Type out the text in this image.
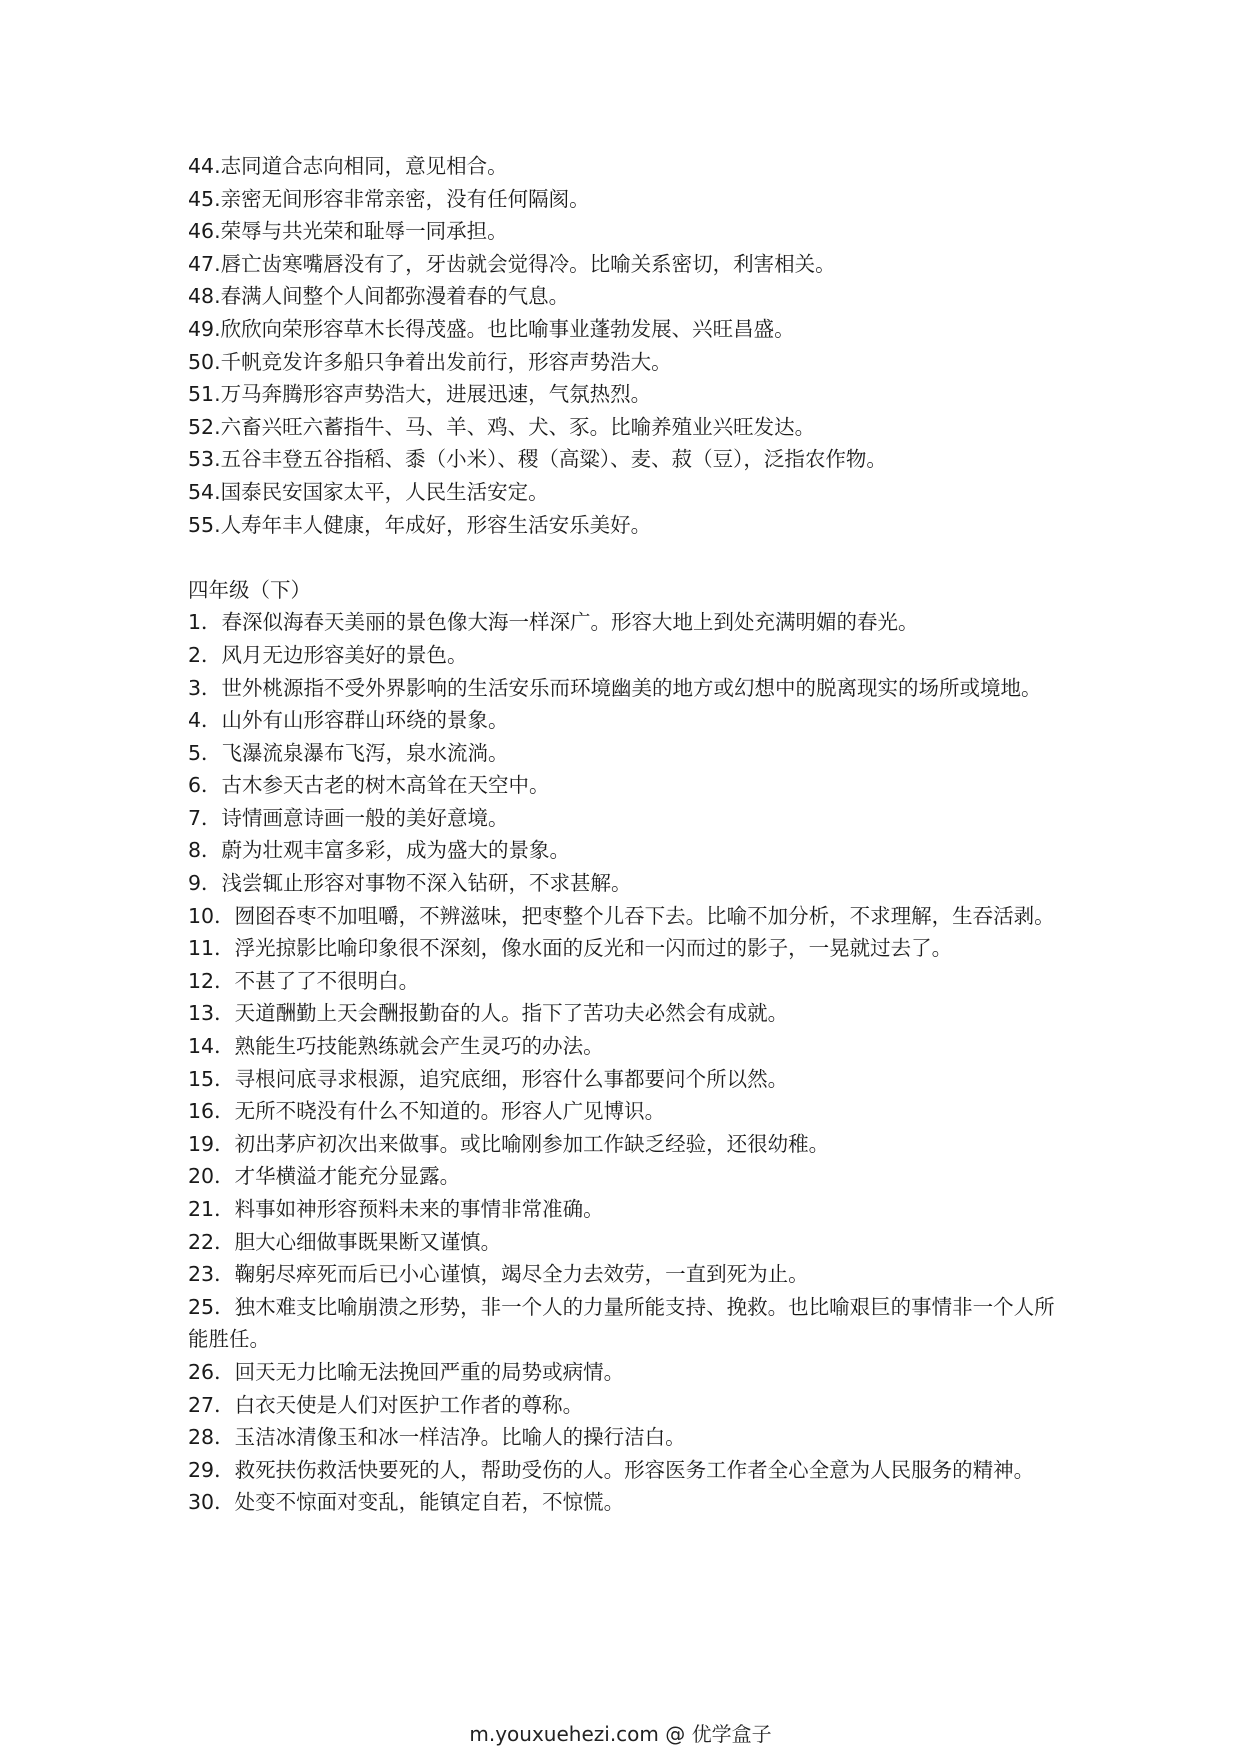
44.志同道合志向相同，意见相合。
45.亲密无间形容非常亲密，没有任何隔阂。
46.荣辱与共光荣和耻辱一同承担。
47.唇亡齿寒嘴唇没有了，牙齿就会觉得冷。比喻关系密切，利害相关。
48.春满人间整个人间都弥漫着春的气息。
49.欣欣向荣形容草木长得茂盛。也比喻事业蓬勃发展、兴旺昌盛。
50.千帆竞发许多船只争着出发前行，形容声势浩大。
51.万马奔腾形容声势浩大，进展迅速，气氛热烈。
52.六畜兴旺六蓄指牛、马、羊、鸡、犬、豕。比喻养殖业兴旺发达。
53.五谷丰登五谷指稻、黍（小米）、稷（高粱）、麦、菽（豆），泛指农作物。
54.国泰民安国家太平，人民生活安定。
55.人寿年丰人健康，年成好，形容生活安乐美好。
四年级（下）
1．春深似海春天美丽的景色像大海一样深广。形容大地上到处充满明媚的春光。
2．风月无边形容美好的景色。
3．世外桃源指不受外界影响的生活安乐而环境幽美的地方或幻想中的脱离现实的场所或境地。
4．山外有山形容群山环绕的景象。
5．飞瀑流泉瀑布飞泻，泉水流淌。
6．古木参天古老的树木高耸在天空中。
7．诗情画意诗画一般的美好意境。
8．蔚为壮观丰富多彩，成为盛大的景象。
9．浅尝辄止形容对事物不深入钻研，不求甚解。
10．囫囵吞枣不加咀嚼，不辨滋味，把枣整个儿吞下去。比喻不加分析，不求理解，生吞活剥。
11．浮光掠影比喻印象很不深刻，像水面的反光和一闪而过的影子，一晃就过去了。
12．不甚了了不很明白。
13．天道酬勤上天会酬报勤奋的人。指下了苦功夫必然会有成就。
14．熟能生巧技能熟练就会产生灵巧的办法。
15．寻根问底寻求根源，追究底细，形容什么事都要问个所以然。
16．无所不晓没有什么不知道的。形容人广见博识。
19．初出茅庐初次出来做事。或比喻刚参加工作缺乏经验，还很幼稚。
20．才华横溢才能充分显露。
21．料事如神形容预料未来的事情非常准确。
22．胆大心细做事既果断又谨慎。
23．鞠躬尽瘁死而后已小心谨慎，竭尽全力去效劳，一直到死为止。
25．独木难支比喻崩溃之形势，非一个人的力量所能支持、挽救。也比喻艰巨的事情非一个人所能胜任。
26．回天无力比喻无法挽回严重的局势或病情。
27．白衣天使是人们对医护工作者的尊称。
28．玉洁冰清像玉和冰一样洁净。比喻人的操行洁白。
29．救死扶伤救活快要死的人，帮助受伤的人。形容医务工作者全心全意为人民服务的精神。
30．处变不惊面对变乱，能镇定自若，不惊慌。
m.youxuehezi.com @ 优学盒子
